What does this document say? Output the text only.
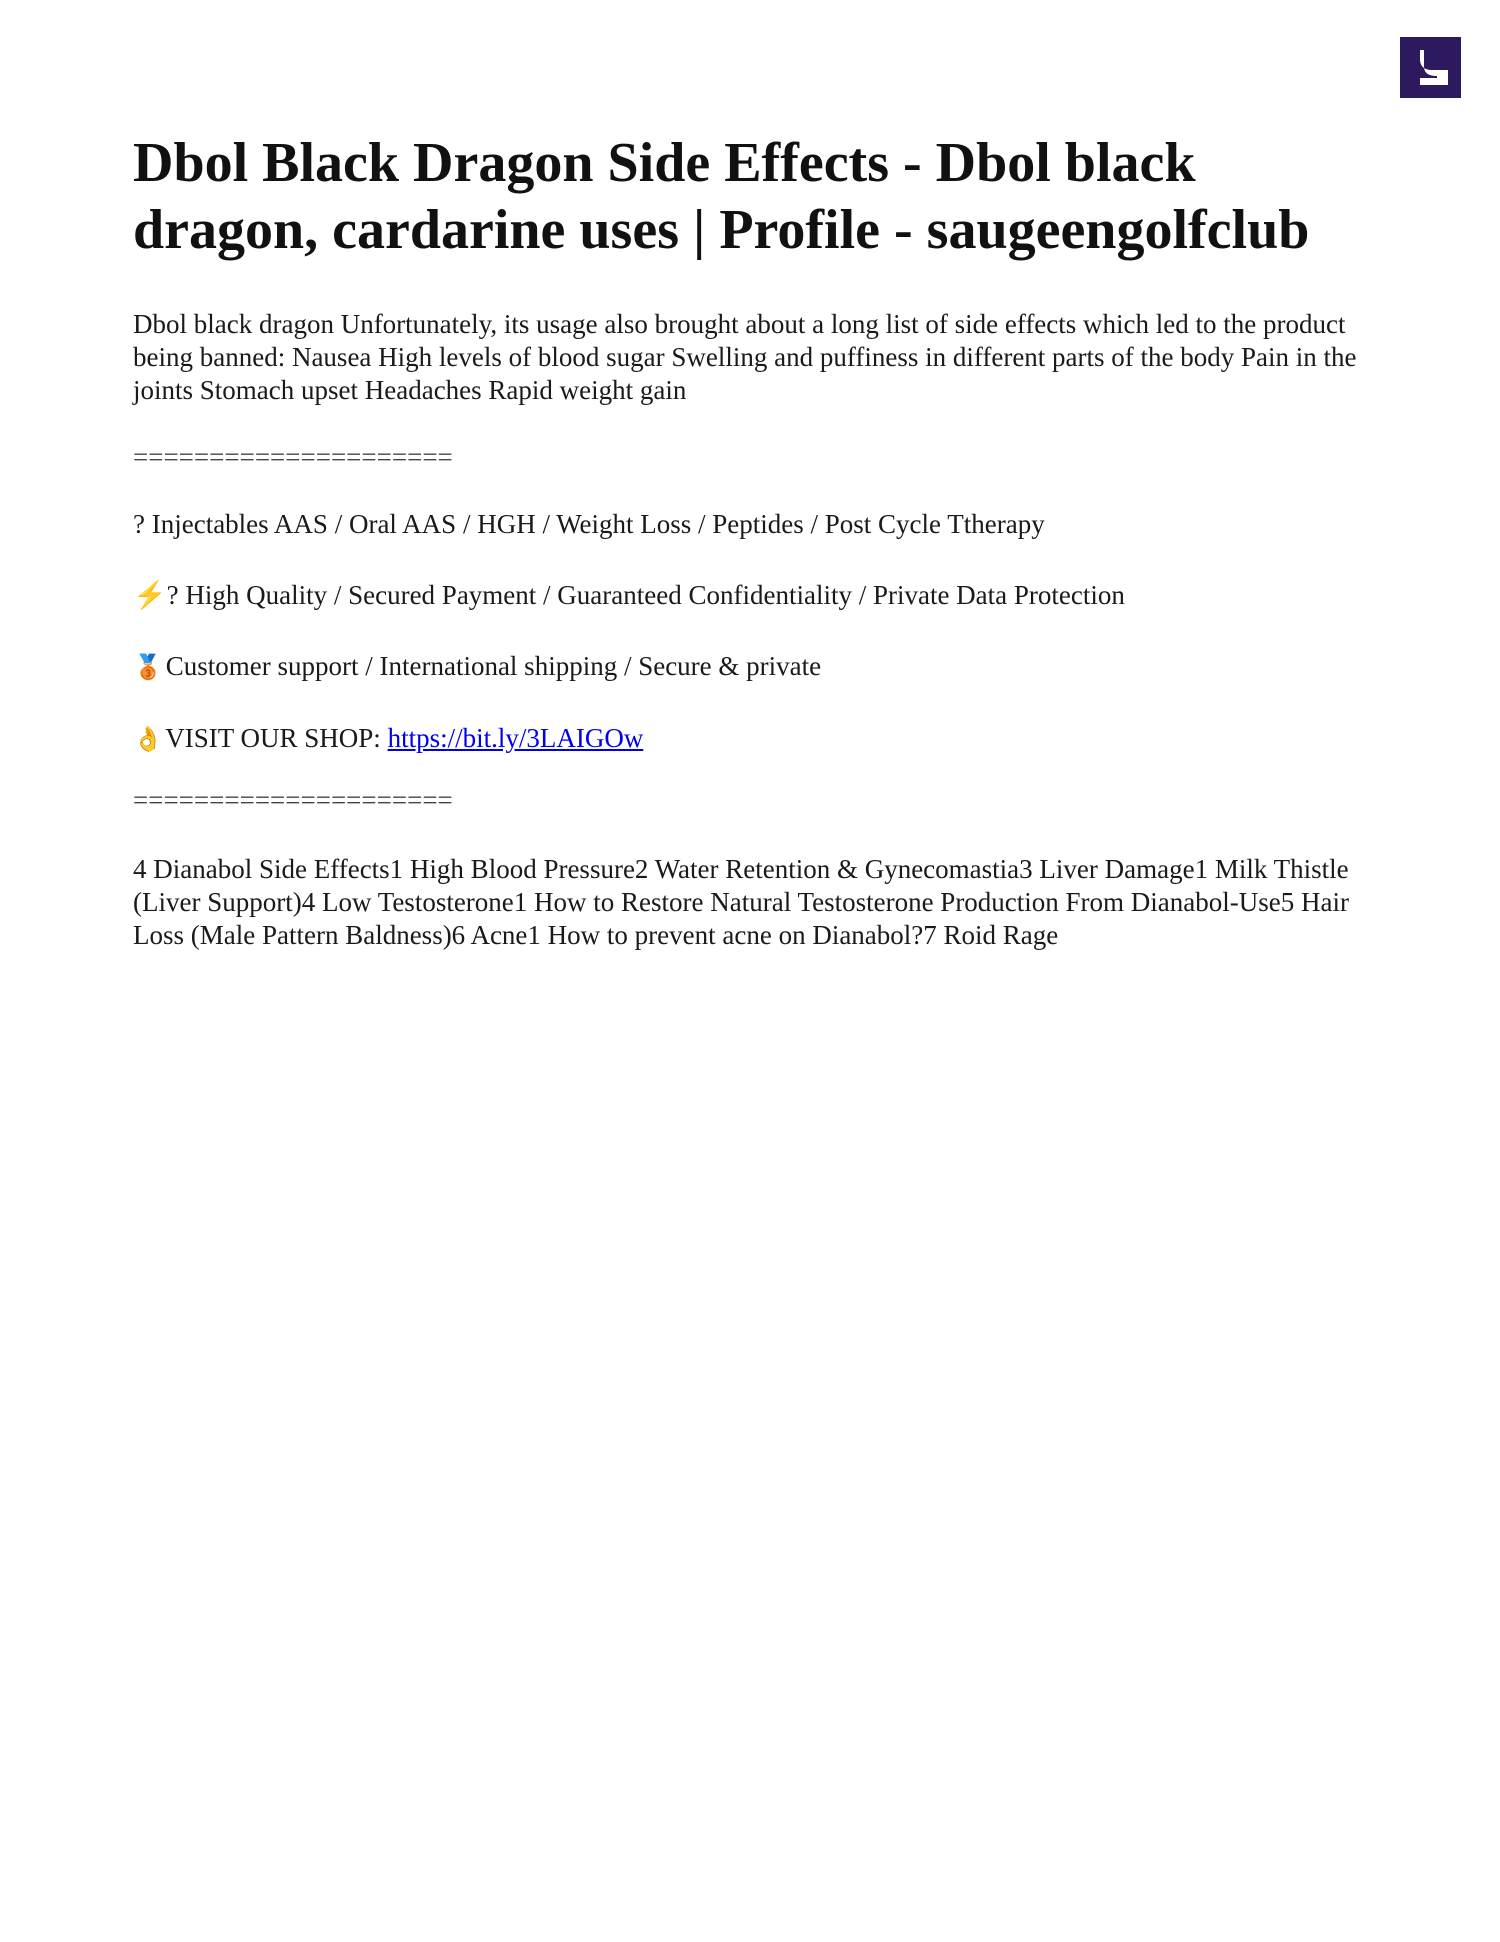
Dbol Black Dragon Side Effects - Dbol black dragon, cardarine uses | Profile - saugeengolfclub

Dbol black dragon Unfortunately, its usage also brought about a long list of side effects which led to the product being banned: Nausea High levels of blood sugar Swelling and puffiness in different parts of the body Pain in the joints Stomach upset Headaches Rapid weight gain

=====================

? Injectables AAS / Oral AAS / HGH / Weight Loss / Peptides / Post Cycle Ttherapy

⚡? High Quality / Secured Payment / Guaranteed Confidentiality / Private Data Protection

🥉 Customer support / International shipping / Secure & private

👌 VISIT OUR SHOP: https://bit.ly/3LAIGOw

=====================

4 Dianabol Side Effects1 High Blood Pressure2 Water Retention & Gynecomastia3 Liver Damage1 Milk Thistle (Liver Support)4 Low Testosterone1 How to Restore Natural Testosterone Production From Dianabol-Use5 Hair Loss (Male Pattern Baldness)6 Acne1 How to prevent acne on Dianabol?7 Roid Rage
